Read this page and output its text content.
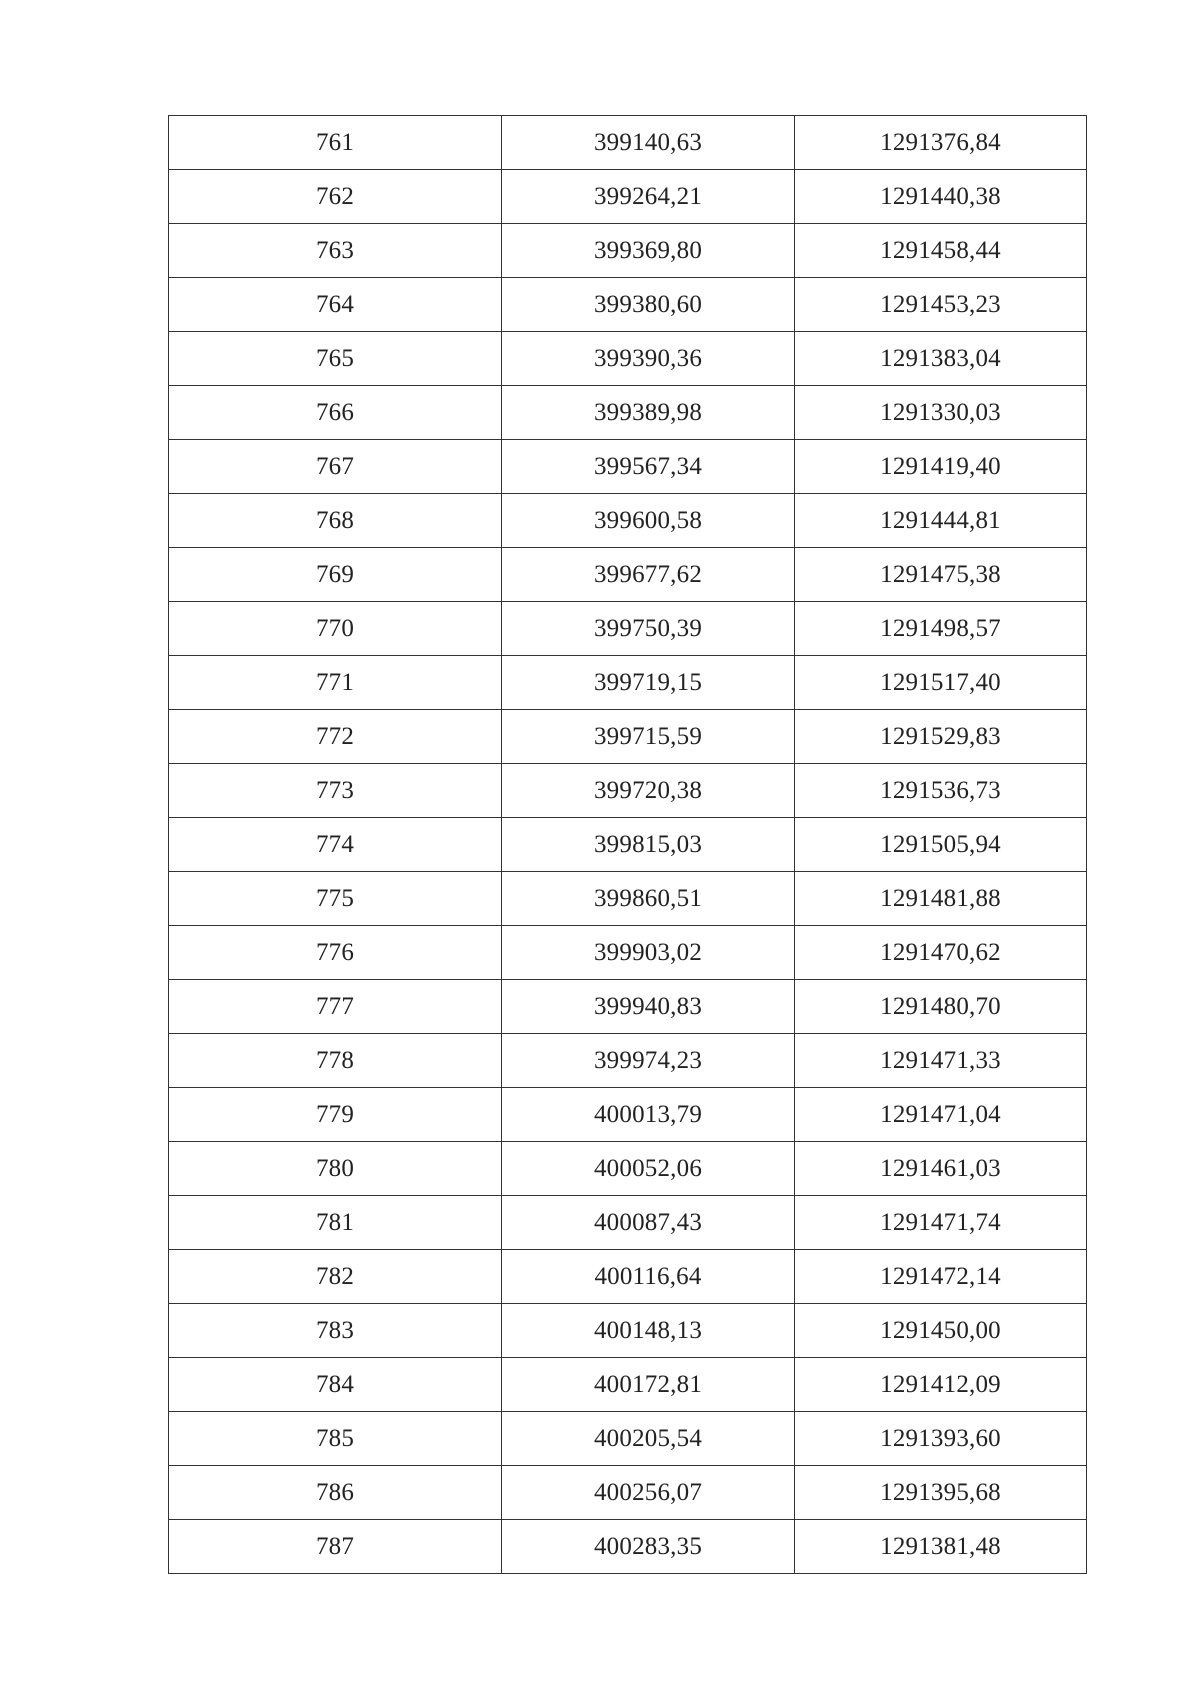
761	399140,63	1291376,84
762	399264,21	1291440,38
763	399369,80	1291458,44
764	399380,60	1291453,23
765	399390,36	1291383,04
766	399389,98	1291330,03
767	399567,34	1291419,40
768	399600,58	1291444,81
769	399677,62	1291475,38
770	399750,39	1291498,57
771	399719,15	1291517,40
772	399715,59	1291529,83
773	399720,38	1291536,73
774	399815,03	1291505,94
775	399860,51	1291481,88
776	399903,02	1291470,62
777	399940,83	1291480,70
778	399974,23	1291471,33
779	400013,79	1291471,04
780	400052,06	1291461,03
781	400087,43	1291471,74
782	400116,64	1291472,14
783	400148,13	1291450,00
784	400172,81	1291412,09
785	400205,54	1291393,60
786	400256,07	1291395,68
787	400283,35	1291381,48
